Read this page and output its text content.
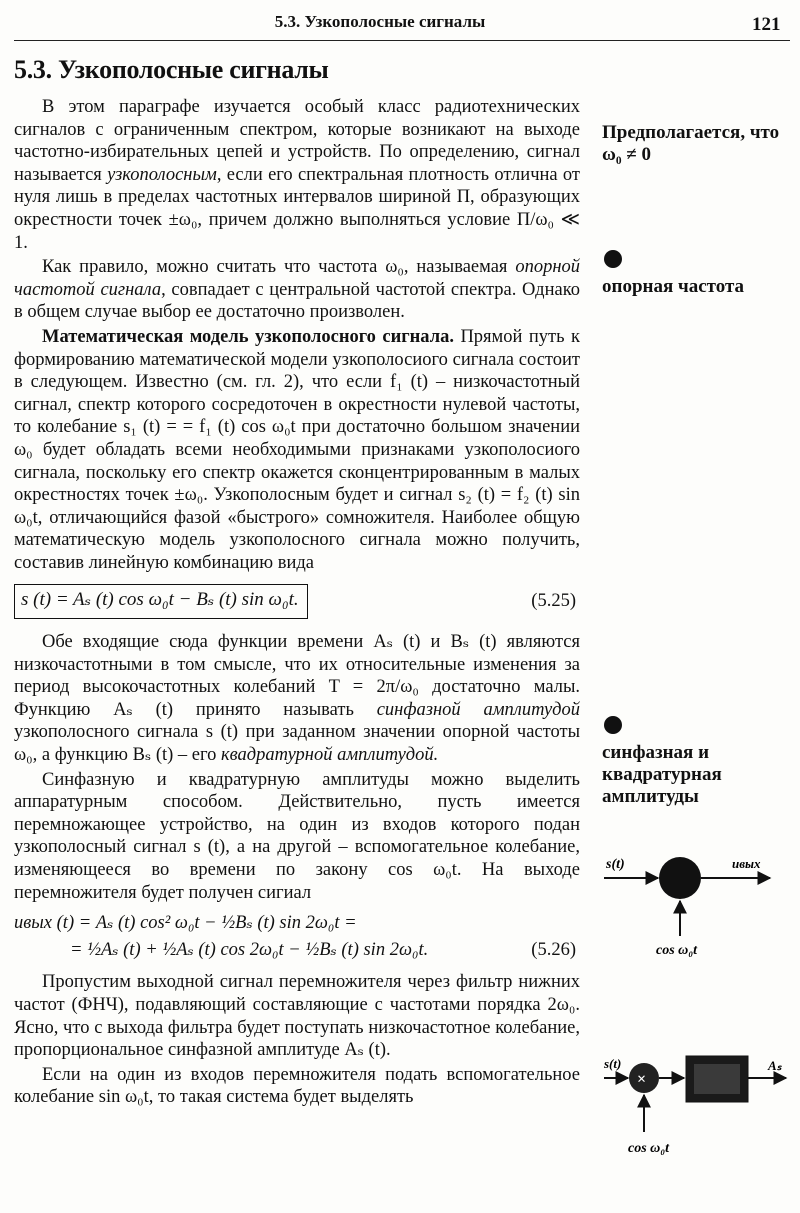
5.3. Узкополосные сигналы	121
5.3. Узкополосные сигналы

В этом параграфе изучается особый класс радиотехнических сигналов с ограниченным спектром, которые возникают на выходе частотно-избирательных цепей и устройств. По определению, сигнал называется узкополосным, если его спектральная плотность отлична от нуля лишь в пределах частотных интервалов шириной П, образующих окрестности точек ±ω₀, причем должно выполняться условие П/ω₀ ≪ 1.

Как правило, можно считать что частота ω₀, называемая опорной частотой сигнала, совпадает с центральной частотой спектра. Однако в общем случае выбор ее достаточно произволен.

Математическая модель узкополосного сигнала. Прямой путь к формированию математической модели узкополосиого сигнала состоит в следующем. Известно (см. гл. 2), что если f₁ (t) – низкочастотный сигнал, спектр которого сосредоточен в окрестности нулевой частоты, то колебание s₁ (t) = = f₁ (t) cos ω₀t при достаточно большом значении ω₀ будет обладать всеми необходимыми признаками узкополосиого сигнала, поскольку его спектр окажется сконцентрированным в малых окрестностях точек ±ω₀. Узкополосным будет и сигнал s₂ (t) = f₂ (t) sin ω₀t, отличающийся фазой «быстрого» сомножителя. Наиболее общую математическую модель узкополосного сигнала можно получить, составив линейную комбинацию вида

s (t) = Aₛ (t) cos ω₀t − Bₛ (t) sin ω₀t.	(5.25)

Обе входящие сюда функции времени Aₛ (t) и Bₛ (t) являются низкочастотными в том смысле, что их относительные изменения за период высокочастотных колебаний T = 2π/ω₀ достаточно малы. Функцию Aₛ (t) принято называть синфазной амплитудой узкополосного сигнала s (t) при заданном значении опорной частоты ω₀, а функцию Bₛ (t) – его квадратурной амплитудой.

Синфазную и квадратурную амплитуды можно выделить аппаратурным способом. Действительно, пусть имеется перемножающее устройство, на один из входов которого подан узкополосный сигнал s (t), а на другой – вспомогательное колебание, изменяющееся во времени по закону cos ω₀t. На выходе перемножителя будет получен сигиал

uвых (t) = Aₛ (t) cos² ω₀t − ½Bₛ (t) sin 2ω₀t =
= ½Aₛ (t) + ½Aₛ (t) cos 2ω₀t − ½Bₛ (t) sin 2ω₀t.	(5.26)

Пропустим выходной сигнал перемножителя через фильтр нижних частот (ФНЧ), подавляющий составляющие с частотами порядка 2ω₀. Ясно, что с выхода фильтра будет поступать низкочастотное колебание, пропорциональное синфазной амплитуде Aₛ (t).

Если на один из входов перемножителя подать вспомогательное колебание sin ω₀t, то такая система будет выделять

Предполагается, что ω₀ ≠ 0
опорная частота
синфазная и квадратурная амплитуды
s(t)	uвых
cos ω₀t
×
s(t)	Aₛ
cos ω₀t
